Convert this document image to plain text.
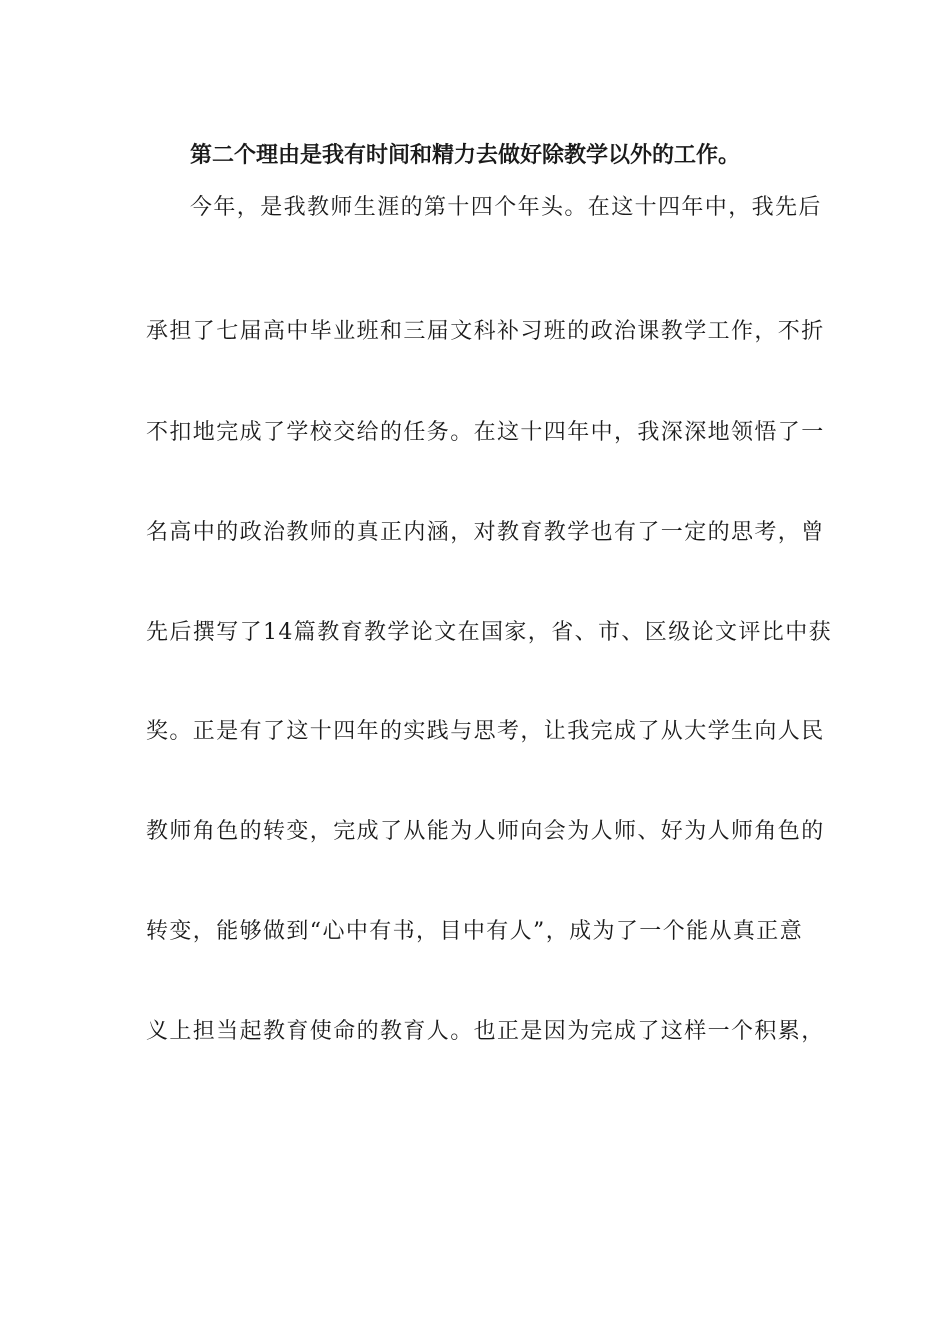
第二个理由是我有时间和精力去做好除教学以外的工作。
今年，是我教师生涯的第十四个年头。在这十四年中，我先后
承担了七届高中毕业班和三届文科补习班的政治课教学工作，不折
不扣地完成了学校交给的任务。在这十四年中，我深深地领悟了一
名高中的政治教师的真正内涵，对教育教学也有了一定的思考，曾
先后撰写了14篇教育教学论文在国家，省、市、区级论文评比中获
奖。正是有了这十四年的实践与思考，让我完成了从大学生向人民
教师角色的转变，完成了从能为人师向会为人师、好为人师角色的
转变，能够做到“心中有书，目中有人”，成为了一个能从真正意
义上担当起教育使命的教育人。也正是因为完成了这样一个积累，
